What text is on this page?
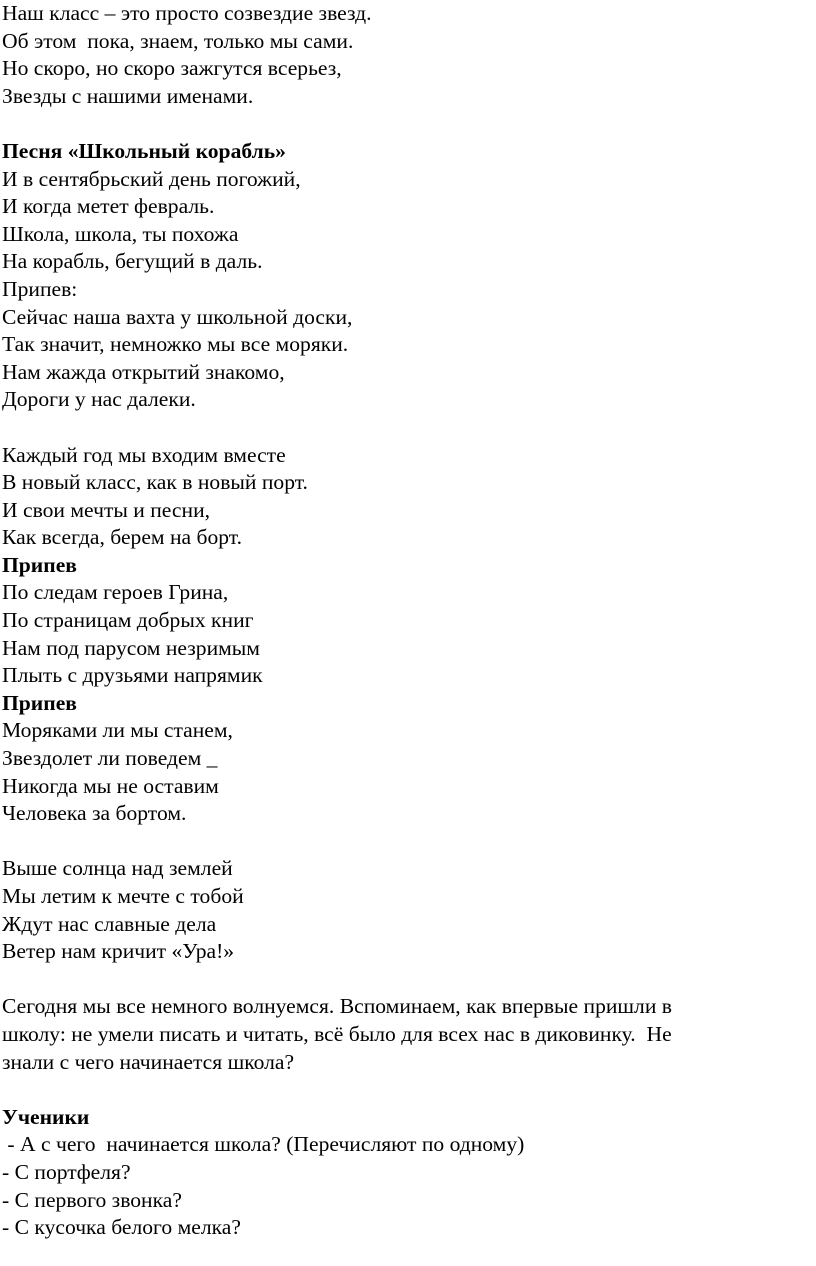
Наш класс – это просто созвездие звезд.
Об этом  пока, знаем, только мы сами.
Но скоро, но скоро зажгутся всерьез,
Звезды с нашими именами.
Песня «Школьный корабль»
И в сентябрьский день погожий,
И когда метет февраль.
Школа, школа, ты похожа
На корабль, бегущий в даль.
Припев:
Сейчас наша вахта у школьной доски,
Так значит, немножко мы все моряки.
Нам жажда открытий знакомо,
Дороги у нас далеки.
Каждый год мы входим вместе
В новый класс, как в новый порт.
И свои мечты и песни,
Как всегда, берем на борт.
Припев
По следам героев Грина,
По страницам добрых книг
Нам под парусом незримым
Плыть с друзьями напрямик
Припев
Моряками ли мы станем,
Звездолет ли поведем _
Никогда мы не оставим
Человека за бортом.
Выше солнца над землей
Мы летим к мечте с тобой
Ждут нас славные дела
Ветер нам кричит «Ура!»
Сегодня мы все немного волнуемся. Вспоминаем, как впервые пришли в
школу: не умели писать и читать, всё было для всех нас в диковинку.  Не
знали с чего начинается школа?
Ученики
- А с чего  начинается школа? (Перечисляют по одному)
- С портфеля?
- С первого звонка?
- С кусочка белого мелка?
